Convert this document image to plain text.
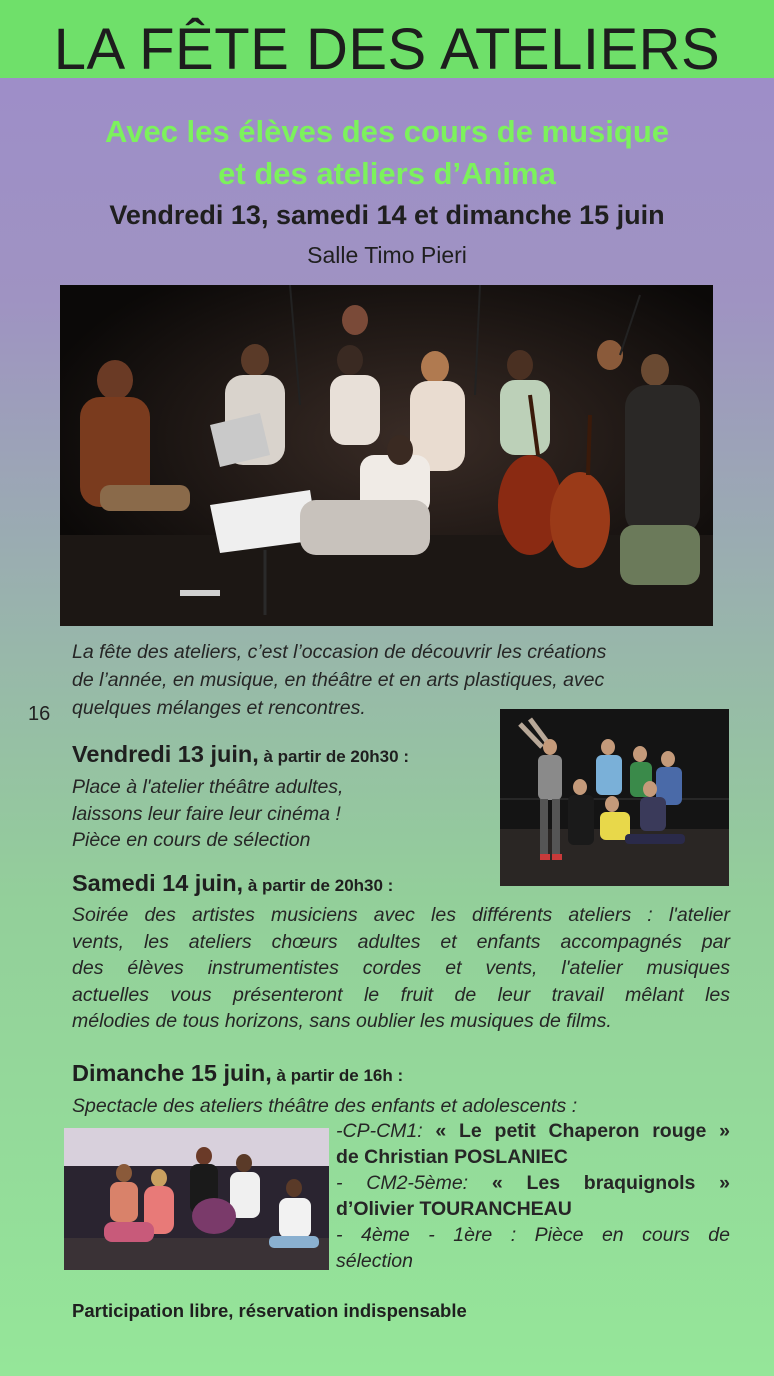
LA FÊTE DES ATELIERS

Avec les élèves des cours de musique

et des ateliers d’Anima

Vendredi 13, samedi 14 et dimanche 15 juin

Salle Timo Pieri

La fête des ateliers, c’est l’occasion de découvrir les créations
de l’année, en musique, en théâtre et en arts plastiques, avec
quelques mélanges et rencontres.

16
Vendredi 13 juin, à partir de 20h30 :

Place à l'atelier théâtre adultes,
laissons leur faire leur cinéma !
Pièce en cours de sélection

Samedi 14 juin, à partir de 20h30 :
Soirée des artistes musiciens avec les différents ateliers : l'atelier
vents, les ateliers chœurs adultes et enfants accompagnés par
des élèves instrumentistes cordes et vents, l'atelier musiques
actuelles vous présenteront le fruit de leur travail mêlant les
mélodies de tous horizons, sans oublier les musiques de films.
Dimanche 15 juin, à partir de 16h :

Spectacle des ateliers théâtre des enfants et adolescents :

-CP-CM1: « Le petit Chaperon rouge »
de Christian POSLANIEC
- CM2-5ème: « Les braquignols »
d’Olivier TOURANCHEAU
- 4ème - 1ère : Pièce en cours de
sélection

Participation libre, réservation indispensable
